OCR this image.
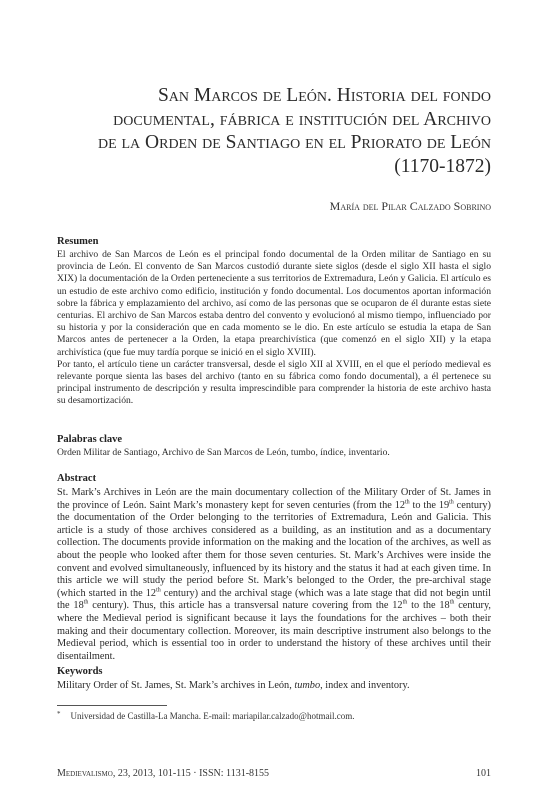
San Marcos de León. Historia del fondo
documental, fábrica e institución del Archivo
de la Orden de Santiago en el Priorato de León
(1170-1872)
María del Pilar Calzado Sobrino
Resumen

El archivo de San Marcos de León es el principal fondo documental de la Orden militar de Santiago en su provincia de León. El convento de San Marcos custodió durante siete siglos (desde el siglo XII hasta el siglo XIX) la documentación de la Orden perteneciente a sus territorios de Extremadura, León y Galicia. El artículo es un estudio de este archivo como edificio, institución y fondo documental. Los documentos aportan información sobre la fábrica y emplazamiento del archivo, así como de las personas que se ocuparon de él durante estas siete centurias. El archivo de San Marcos estaba dentro del convento y evolucionó al mismo tiempo, influenciado por su historia y por la consideración que en cada momento se le dio. En este artículo se estudia la etapa de San Marcos antes de pertenecer a la Orden, la etapa prearchivística (que comenzó en el siglo XII) y la etapa archivística (que fue muy tardía porque se inició en el siglo XVIII).

Por tanto, el artículo tiene un carácter transversal, desde el siglo XII al XVIII, en el que el período medieval es relevante porque sienta las bases del archivo (tanto en su fábrica como fondo documental), a él pertenece su principal instrumento de descripción y resulta imprescindible para comprender la historia de este archivo hasta su desamortización.

Palabras clave
Orden Militar de Santiago, Archivo de San Marcos de León, tumbo, índice, inventario.
Abstract

St. Mark’s Archives in León are the main documentary collection of the Military Order of St. James in the province of León. Saint Mark’s monastery kept for seven centuries (from the 12th to the 19th century) the documentation of the Order belonging to the territories of Extremadura, León and Galicia. This article is a study of those archives considered as a building, as an institution and as a documentary collection. The documents provide information on the making and the location of the archives, as well as about the people who looked after them for those seven centuries. St. Mark’s Archives were inside the convent and evolved simultaneously, influenced by its history and the status it had at each given time. In this article we will study the period before St. Mark’s belonged to the Order, the pre-archival stage (which started in the 12th century) and the archival stage (which was a late stage that did not begin until the 18th century). Thus, this article has a transversal nature covering from the 12th to the 18th century, where the Medieval period is significant because it lays the foundations for the archives – both their making and their documentary collection. Moreover, its main descriptive instrument also belongs to the Medieval period, which is essential too in order to understand the history of these archives until their disentailment.

Keywords
Military Order of St. James, St. Mark’s archives in León, tumbo, index and inventory.
* Universidad de Castilla-La Mancha. E-mail: mariapilar.calzado@hotmail.com.
Medievalismo, 23, 2013, 101-115 · ISSN: 1131-8155	101
